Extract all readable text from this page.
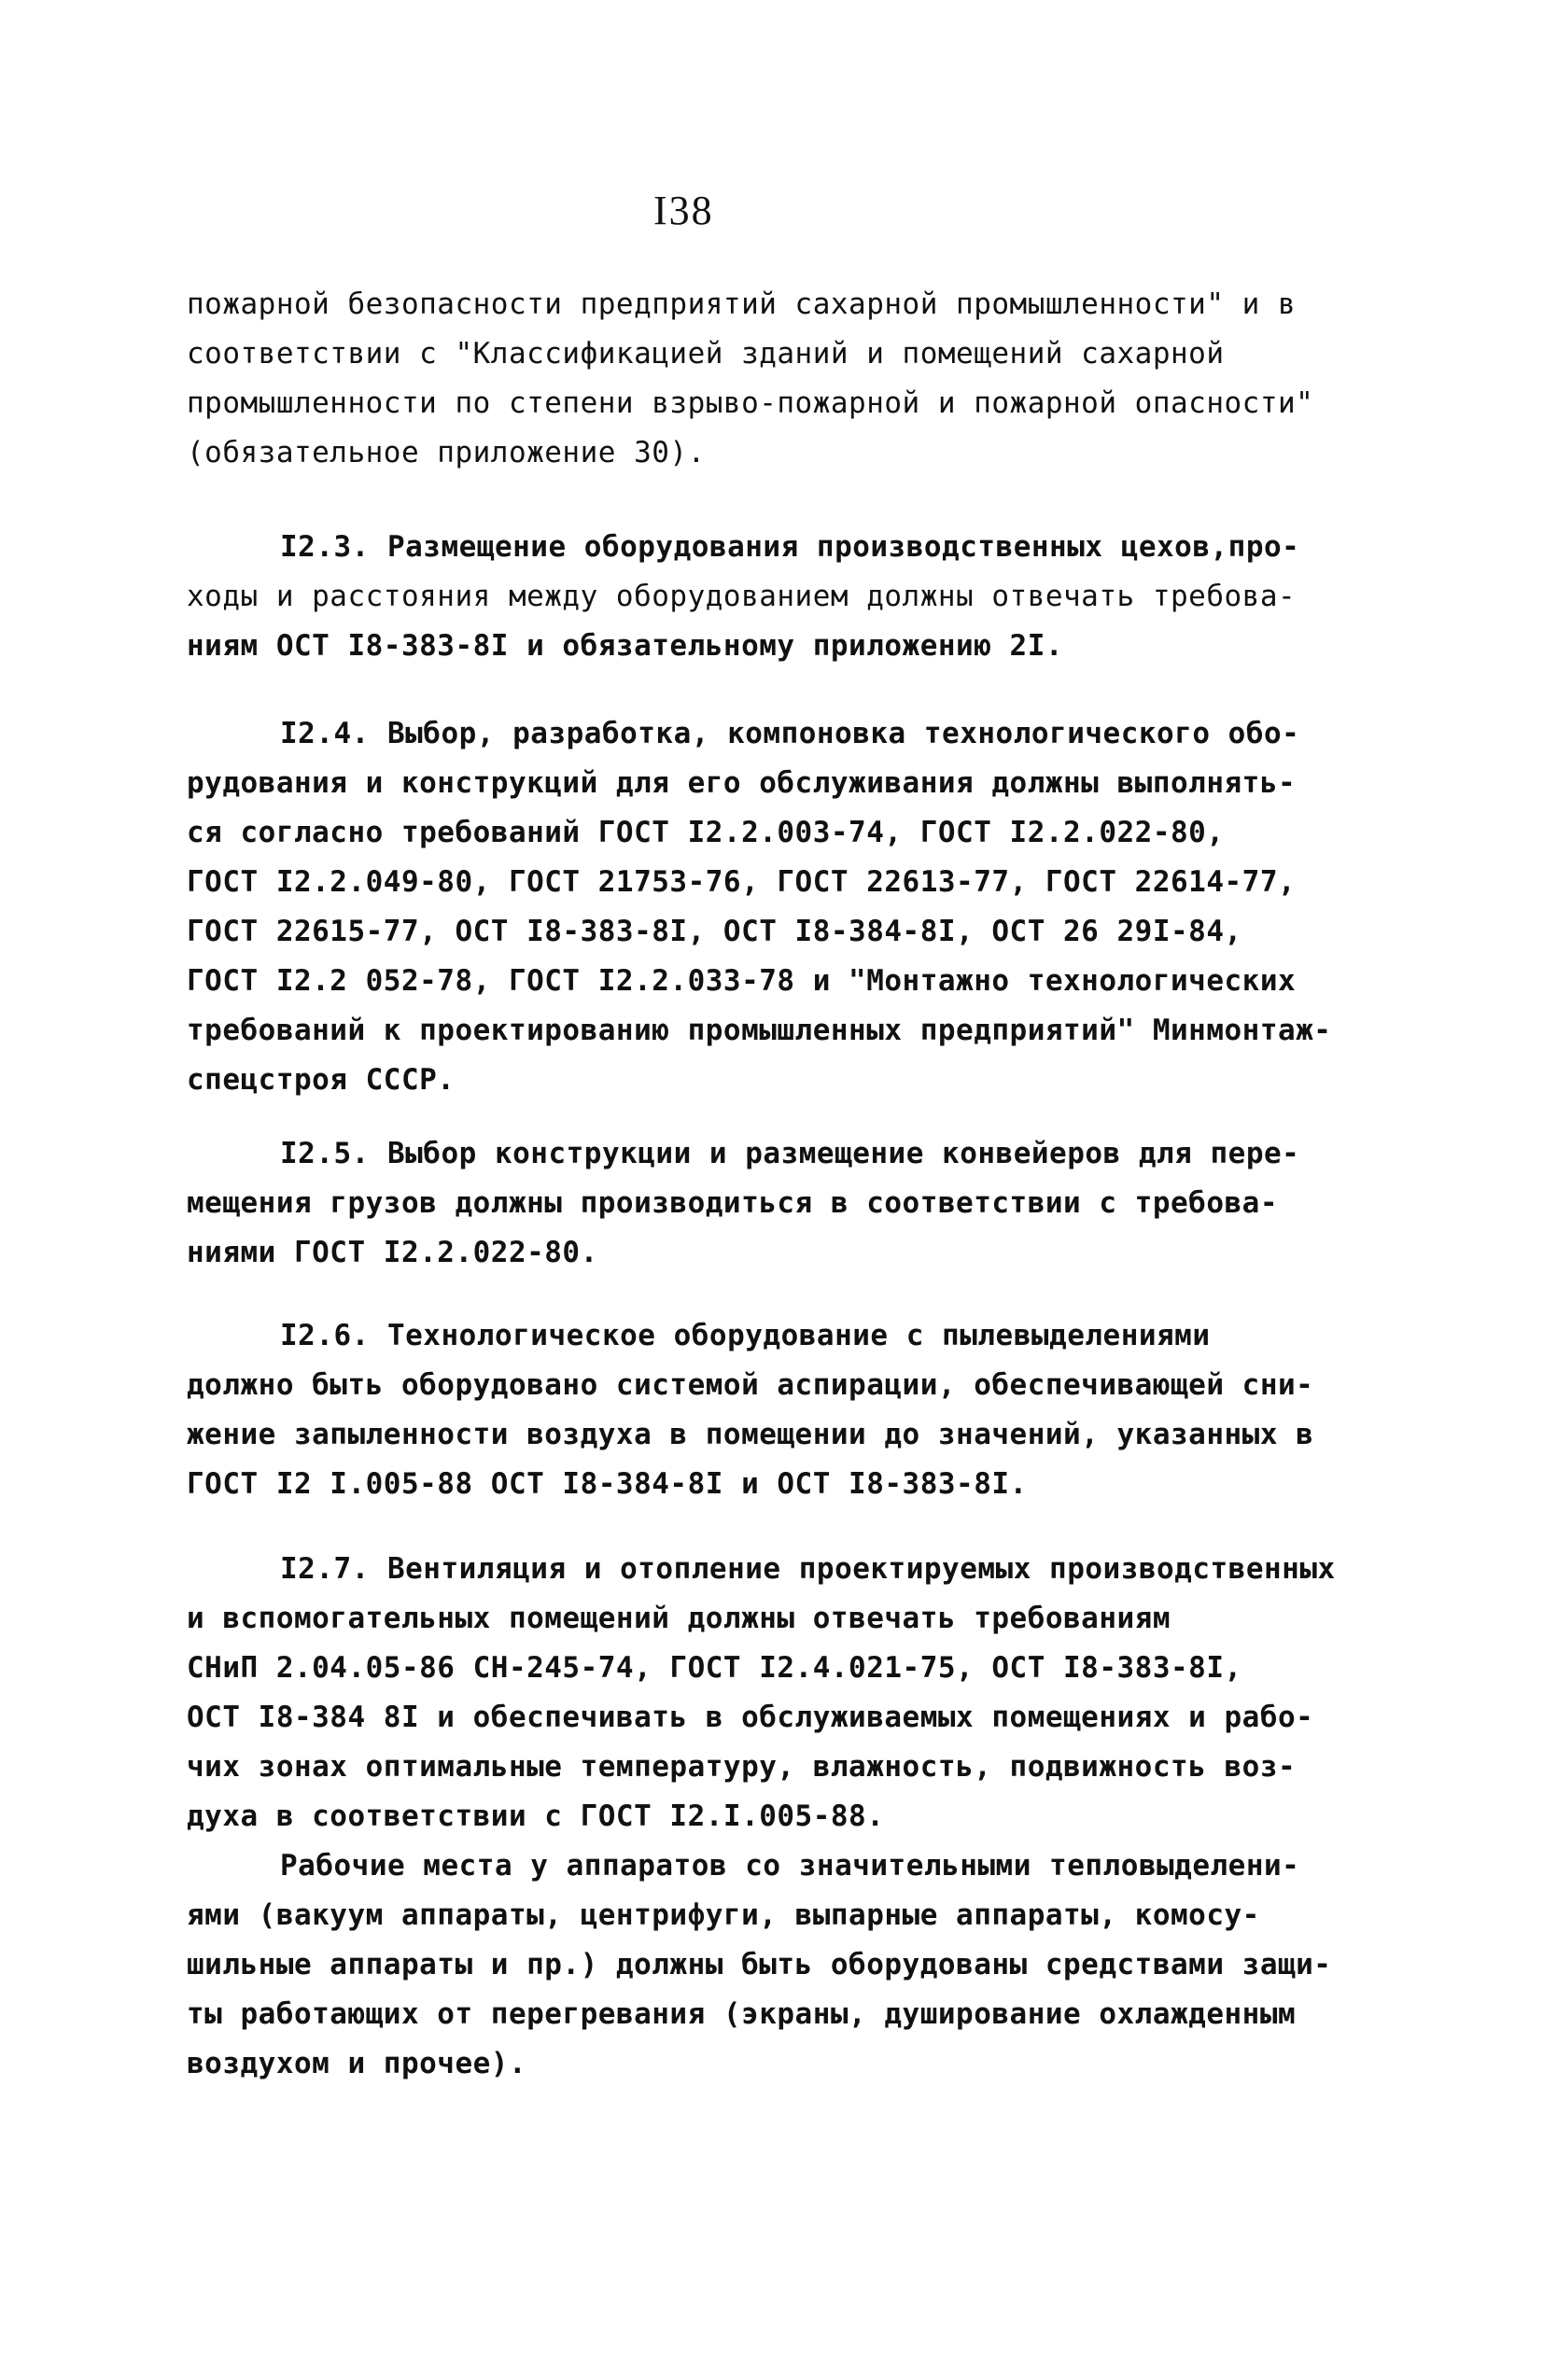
I38
пожарной безопасности предприятий сахарной промышленности" и в
соответствии с "Классификацией зданий и помещений сахарной
промышленности по степени взрыво-пожарной и пожарной опасности"
(обязательное приложение 30).
I2.3. Размещение оборудования производственных цехов,про-
ходы и расстояния между оборудованием должны отвечать требова-
ниям ОСТ I8-383-8I и обязательному приложению 2I.
I2.4. Выбор, разработка, компоновка технологического обо-
рудования и конструкций для его обслуживания должны выполнять-
ся согласно требований ГОСТ I2.2.003-74, ГОСТ I2.2.022-80,
ГОСТ I2.2.049-80, ГОСТ 21753-76, ГОСТ 22613-77, ГОСТ 22614-77,
ГОСТ 22615-77, ОСТ I8-383-8I, ОСТ I8-384-8I, ОСТ 26 29I-84,
ГОСТ I2.2 052-78, ГОСТ I2.2.033-78 и "Монтажно технологических
требований к проектированию промышленных предприятий" Минмонтаж-
спецстроя СССР.
I2.5. Выбор конструкции и размещение конвейеров для пере-
мещения грузов должны производиться в соответствии с требова-
ниями ГОСТ I2.2.022-80.
I2.6. Технологическое оборудование с пылевыделениями
должно быть оборудовано системой аспирации, обеспечивающей сни-
жение запыленности воздуха в помещении до значений, указанных в
ГОСТ I2 I.005-88 ОСТ I8-384-8I и ОСТ I8-383-8I.
I2.7. Вентиляция и отопление проектируемых производственных
и вспомогательных помещений должны отвечать требованиям
СНиП 2.04.05-86 СН-245-74, ГОСТ I2.4.021-75, ОСТ I8-383-8I,
ОСТ I8-384 8I и обеспечивать в обслуживаемых помещениях и рабо-
чих зонах оптимальные температуру, влажность, подвижность воз-
духа в соответствии с ГОСТ I2.I.005-88.
Рабочие места у аппаратов со значительными тепловыделени-
ями (вакуум аппараты, центрифуги, выпарные аппараты, комосу-
шильные аппараты и пр.) должны быть оборудованы средствами защи-
ты работающих от перегревания (экраны, душирование охлажденным
воздухом и прочее).
